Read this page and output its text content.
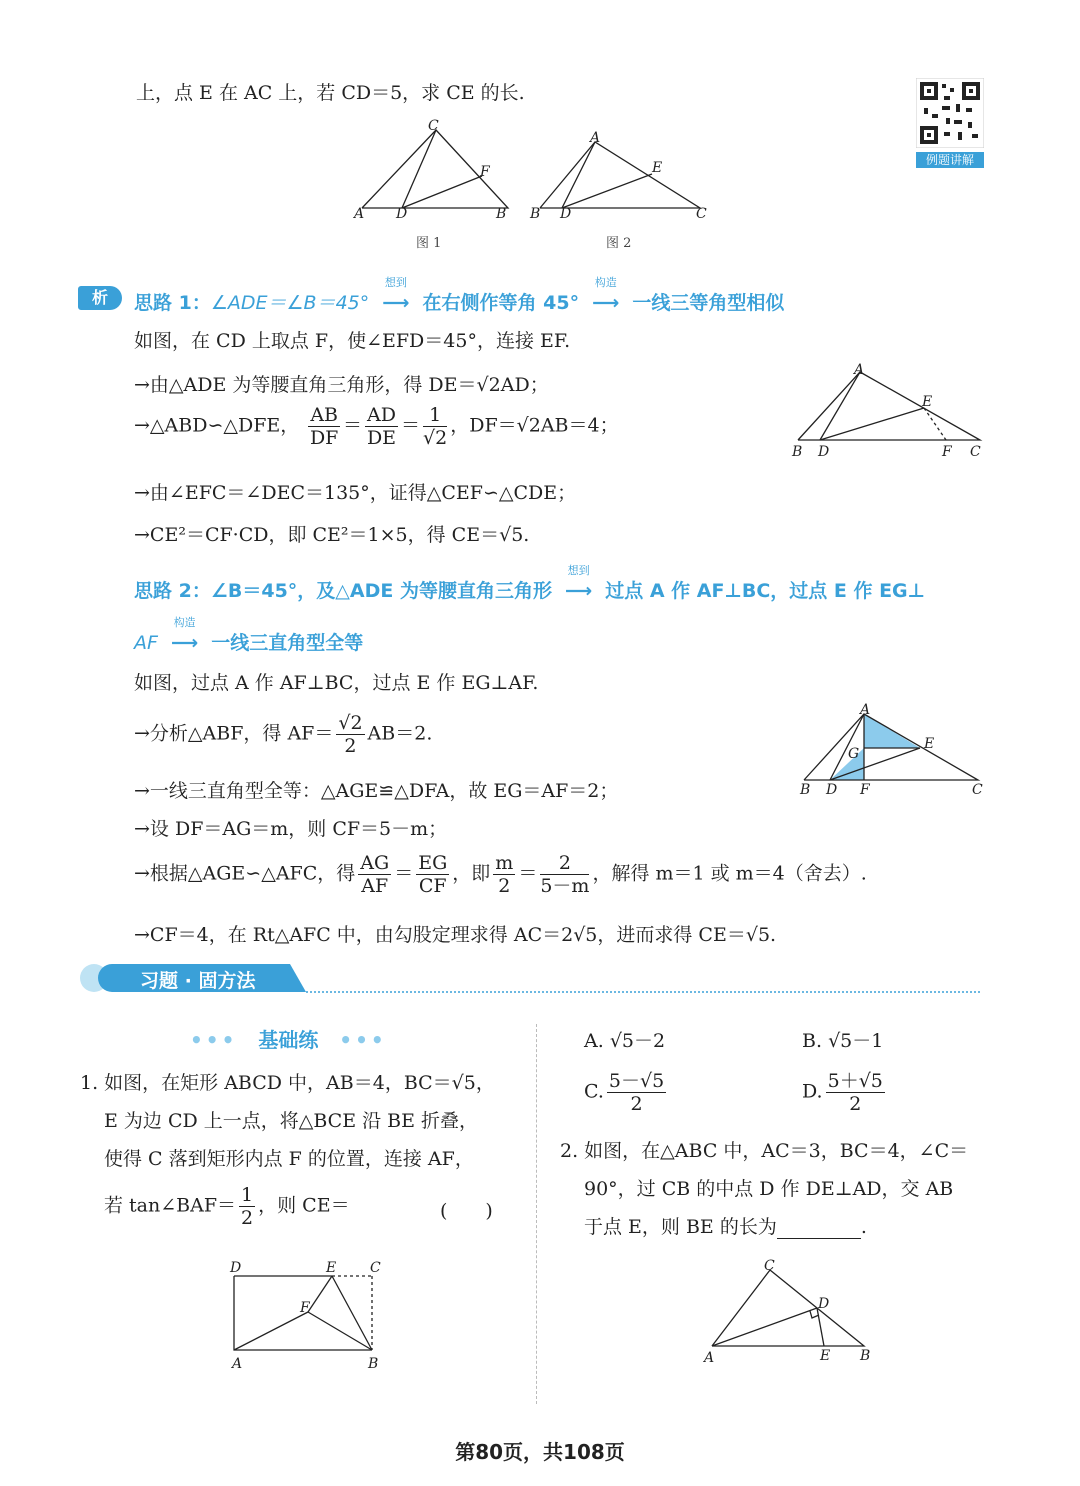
上，点 E 在 AC 上，若 CD＝5，求 CE 的长.
例题讲解
A D	B
C
F
B D	C
A
E
图 1	图 2
析	思路 1：∠ADE＝∠B＝45°
想到
⟶ 在右侧作等角 45°
构造
⟶ 一线三等角型相似
如图，在 CD 上取点 F，使∠EFD＝45°，连接 EF.
→由△ADE 为等腰直角三角形，得 DE＝√2AD；
→△ABD∽△DFE， $\frac{AB}{DF} = \frac{AD}{DE} = \frac{1}{√2}$ ，DF＝√2AB＝4；
→由∠EFC＝∠DEC＝135°，证得△CEF∽△CDE；
→CE²＝CF·CD，即 CE²＝1×5，得 CE＝√5.
B D	F C
A
E
思路 2：∠B＝45°，及△ADE 为等腰直角三角形
想到
⟶ 过点 A 作 AF⊥BC，过点 E 作 EG⊥
AF
构造
⟶ 一线三直角型全等
如图，过点 A 作 AF⊥BC，过点 E 作 EG⊥AF.
→分析△ABF，得 $AF= \frac{√2}{2} AB=2$.
→一线三直角型全等：△AGE≌△DFA，故 EG＝AF＝2；
→设 DF＝AG＝m，则 CF＝5－m；
→根据△AGE∽△AFC，得 $\frac{AG}{AF} = \frac{EG}{CF}$ ，即 $\frac{m}{2} = \frac{2}{5-m}$ ，解得 m＝1 或 m＝4（舍去）.
→CF＝4，在 Rt△AFC 中，由勾股定理求得 AC＝2√5，进而求得 CE＝√5.
B D F	C
A
E
G
习题 · 固方法
••• 基础练 •••
1. 如图，在矩形 ABCD 中，AB＝4，BC＝√5，
E 为边 CD 上一点，将△BCE 沿 BE 折叠，
使得 C 落到矩形内点 F 的位置，连接 AF，
若 tan∠BAF＝ $\frac{1}{2}$ ，则 CE＝	(　　)
D	E C
F
A	B
A. √5－2	B. √5－1
C. $\frac{5-√5}{2}$	D. $\frac{5+√5}{2}$
2. 如图，在△ABC 中，AC＝3，BC＝4，∠C＝
90°，过 CB 的中点 D 作 DE⊥AD，交 AB
于点 E，则 BE 的长为	.
C
D
A	E B
第80页，共108页
